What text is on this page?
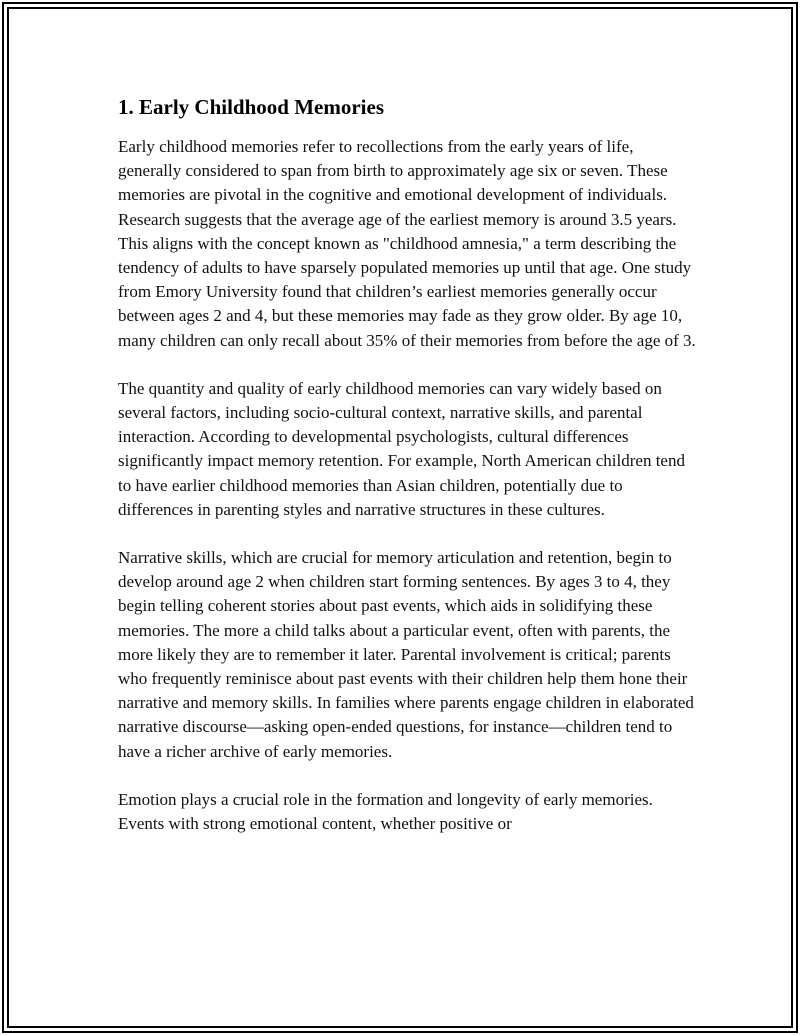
1. Early Childhood Memories

Early childhood memories refer to recollections from the early years of life, generally considered to span from birth to approximately age six or seven. These memories are pivotal in the cognitive and emotional development of individuals. Research suggests that the average age of the earliest memory is around 3.5 years. This aligns with the concept known as "childhood amnesia," a term describing the tendency of adults to have sparsely populated memories up until that age. One study from Emory University found that children’s earliest memories generally occur between ages 2 and 4, but these memories may fade as they grow older. By age 10, many children can only recall about 35% of their memories from before the age of 3.

The quantity and quality of early childhood memories can vary widely based on several factors, including socio-cultural context, narrative skills, and parental interaction. According to developmental psychologists, cultural differences significantly impact memory retention. For example, North American children tend to have earlier childhood memories than Asian children, potentially due to differences in parenting styles and narrative structures in these cultures.

Narrative skills, which are crucial for memory articulation and retention, begin to develop around age 2 when children start forming sentences. By ages 3 to 4, they begin telling coherent stories about past events, which aids in solidifying these memories. The more a child talks about a particular event, often with parents, the more likely they are to remember it later. Parental involvement is critical; parents who frequently reminisce about past events with their children help them hone their narrative and memory skills. In families where parents engage children in elaborated narrative discourse—asking open-ended questions, for instance—children tend to have a richer archive of early memories.

Emotion plays a crucial role in the formation and longevity of early memories. Events with strong emotional content, whether positive or
